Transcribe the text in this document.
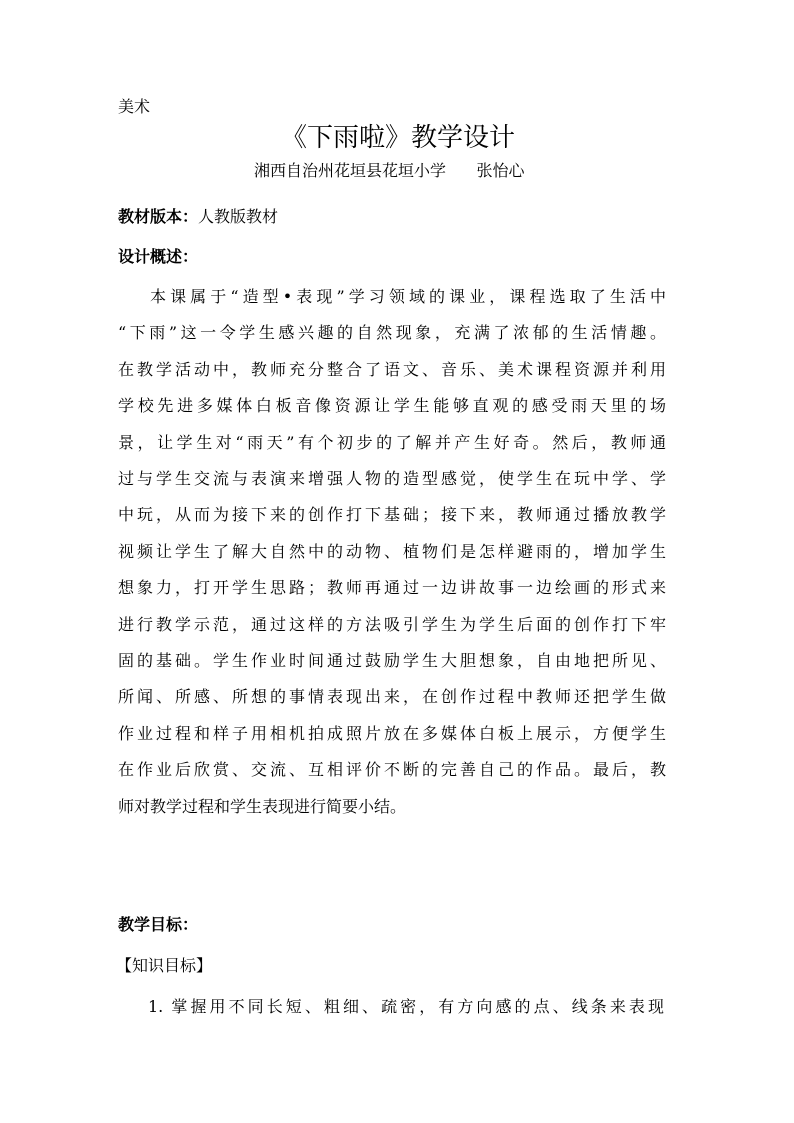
美术
《下雨啦》教学设计
湘西自治州花垣县花垣小学      张怡心
教材版本：人教版教材
设计概述：
本课属于“造型•表现”学习领域的课业，课程选取了生活中
“下雨”这一令学生感兴趣的自然现象，充满了浓郁的生活情趣。
在教学活动中，教师充分整合了语文、音乐、美术课程资源并利用
学校先进多媒体白板音像资源让学生能够直观的感受雨天里的场
景，让学生对“雨天”有个初步的了解并产生好奇。然后，教师通
过与学生交流与表演来增强人物的造型感觉，使学生在玩中学、学
中玩，从而为接下来的创作打下基础；接下来，教师通过播放教学
视频让学生了解大自然中的动物、植物们是怎样避雨的，增加学生
想象力，打开学生思路；教师再通过一边讲故事一边绘画的形式来
进行教学示范，通过这样的方法吸引学生为学生后面的创作打下牢
固的基础。学生作业时间通过鼓励学生大胆想象，自由地把所见、
所闻、所感、所想的事情表现出来，在创作过程中教师还把学生做
作业过程和样子用相机拍成照片放在多媒体白板上展示，方便学生
在作业后欣赏、交流、互相评价不断的完善自己的作品。最后，教
师对教学过程和学生表现进行简要小结。
教学目标：
【知识目标】
1. 掌握用不同长短、粗细、疏密，有方向感的点、线条来表现
